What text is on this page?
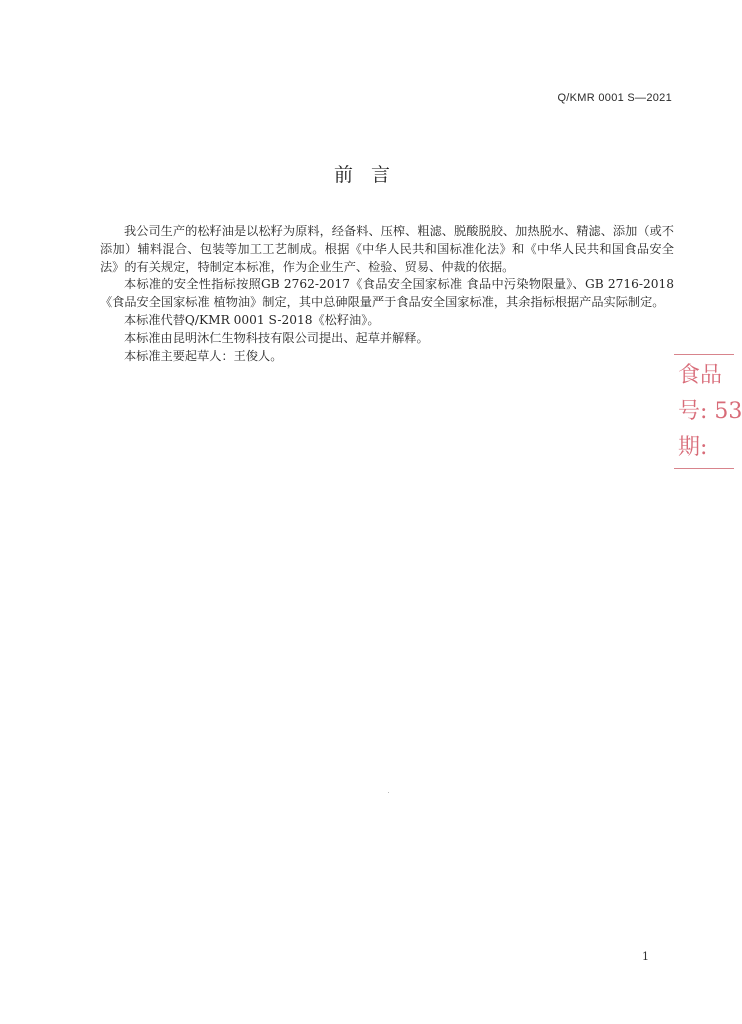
Q/KMR 0001 S—2021
前言

我公司生产的松籽油是以松籽为原料，经备料、压榨、粗滤、脱酸脱胶、加热脱水、精滤、添加（或不添加）辅料混合、包装等加工工艺制成。根据《中华人民共和国标准化法》和《中华人民共和国食品安全法》的有关规定，特制定本标准，作为企业生产、检验、贸易、仲裁的依据。

本标准的安全性指标按照GB 2762-2017《食品安全国家标准 食品中污染物限量》、GB 2716-2018《食品安全国家标准 植物油》制定，其中总砷限量严于食品安全国家标准，其余指标根据产品实际制定。

本标准代替Q/KMR 0001 S-2018《松籽油》。

本标准由昆明沐仁生物科技有限公司提出、起草并解释。

本标准主要起草人：王俊人。

食品
号: 53
期:
1
